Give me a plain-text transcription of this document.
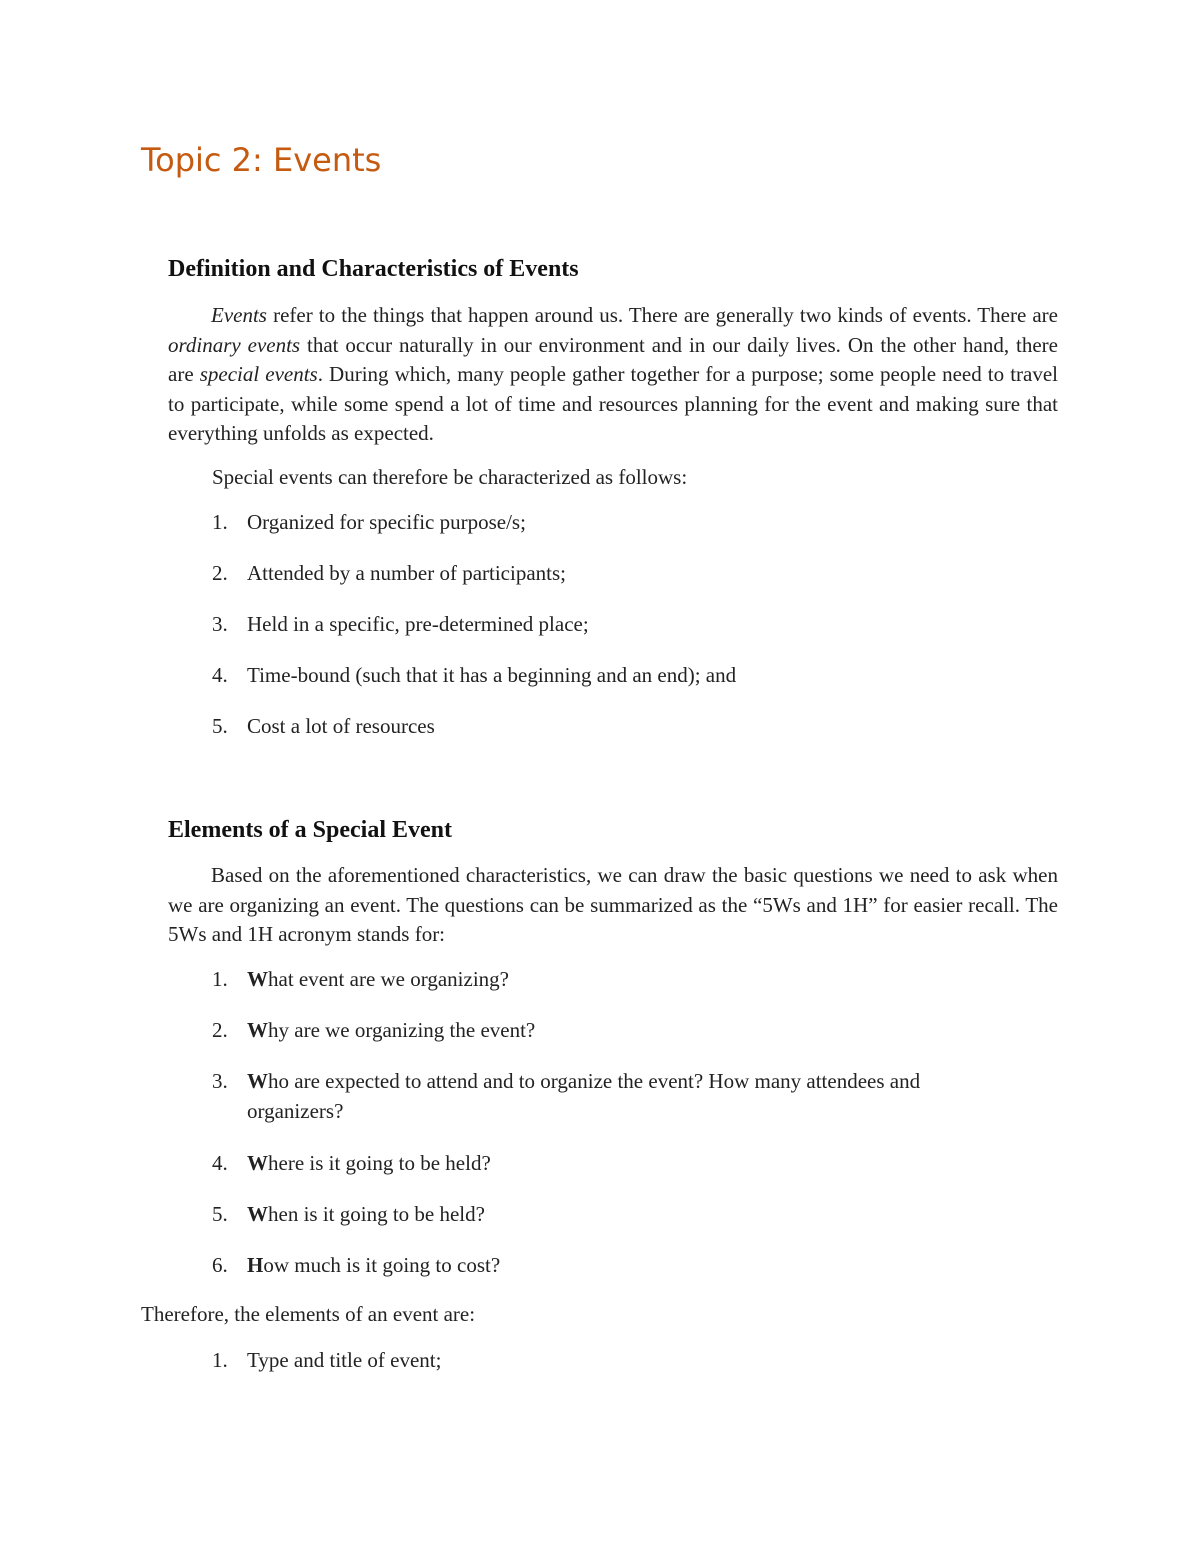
Topic 2: Events
Definition and Characteristics of Events

Events refer to the things that happen around us. There are generally two kinds of events. There are ordinary events that occur naturally in our environment and in our daily lives. On the other hand, there are special events. During which, many people gather together for a purpose; some people need to travel to participate, while some spend a lot of time and resources planning for the event and making sure that everything unfolds as expected.

Special events can therefore be characterized as follows:

1. Organized for specific purpose/s;
2. Attended by a number of participants;
3. Held in a specific, pre-determined place;
4. Time-bound (such that it has a beginning and an end); and
5. Cost a lot of resources
Elements of a Special Event

Based on the aforementioned characteristics, we can draw the basic questions we need to ask when we are organizing an event. The questions can be summarized as the “5Ws and 1H” for easier recall. The 5Ws and 1H acronym stands for:

1. What event are we organizing?
2. Why are we organizing the event?
3. Who are expected to attend and to organize the event? How many attendees and organizers?
4. Where is it going to be held?
5. When is it going to be held?
6. How much is it going to cost?

Therefore, the elements of an event are:

1. Type and title of event;
